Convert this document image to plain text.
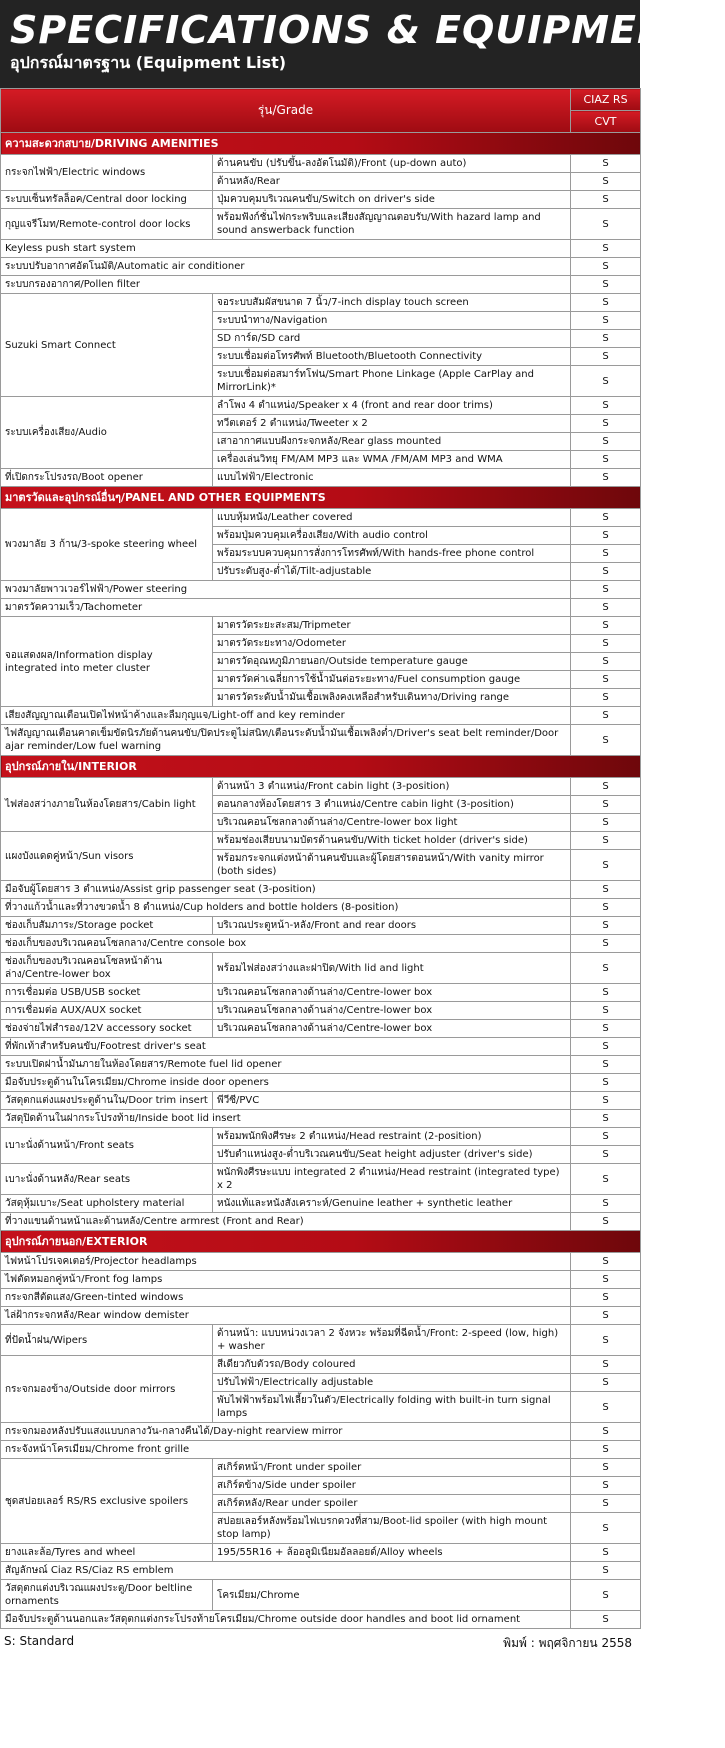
SPECIFICATIONS & EQUIPMENTS
อุปกรณ์มาตรฐาน (Equipment List)
รุ่น/Grade		CIAZ RS
		CVT
ความสะดวกสบาย/DRIVING AMENITIES		
กระจกไฟฟ้า/Electric windows	ด้านคนขับ (ปรับขึ้น-ลงอัตโนมัติ)/Front (up-down auto)	S
	ด้านหลัง/Rear	S
ระบบเซ็นทรัลล็อค/Central door locking	ปุ่มควบคุมบริเวณคนขับ/Switch on driver's side	S
กุญแจรีโมท/Remote-control door locks	พร้อมฟังก์ชั่นไฟกระพริบและเสียงสัญญาณตอบรับ/With hazard lamp and sound answerback function	S
Keyless push start system		S
ระบบปรับอากาศอัตโนมัติ/Automatic air conditioner		S
ระบบกรองอากาศ/Pollen filter		S
Suzuki Smart Connect	จอระบบสัมผัสขนาด 7 นิ้ว/7-inch display touch screen	S
	ระบบนำทาง/Navigation	S
	SD การ์ด/SD card	S
	ระบบเชื่อมต่อโทรศัพท์ Bluetooth/Bluetooth Connectivity	S
	ระบบเชื่อมต่อสมาร์ทโฟน/Smart Phone Linkage (Apple CarPlay and MirrorLink)*	S
ระบบเครื่องเสียง/Audio	ลำโพง 4 ตำแหน่ง/Speaker x 4 (front and rear door trims)	S
	ทวีตเตอร์ 2 ตำแหน่ง/Tweeter x 2	S
	เสาอากาศแบบฝังกระจกหลัง/Rear glass mounted	S
	เครื่องเล่นวิทยุ FM/AM MP3 และ WMA /FM/AM MP3 and WMA	S
ที่เปิดกระโปรงรถ/Boot opener	แบบไฟฟ้า/Electronic	S
มาตรวัดและอุปกรณ์อื่นๆ/PANEL AND OTHER EQUIPMENTS		
พวงมาลัย 3 ก้าน/3-spoke steering wheel	แบบหุ้มหนัง/Leather covered	S
	พร้อมปุ่มควบคุมเครื่องเสียง/With audio control	S
	พร้อมระบบควบคุมการสั่งการโทรศัพท์/With hands-free phone control	S
	ปรับระดับสูง-ต่ำได้/Tilt-adjustable	S
พวงมาลัยพาวเวอร์ไฟฟ้า/Power steering		S
มาตรวัดความเร็ว/Tachometer		S
จอแสดงผล/Information display integrated into meter cluster	มาตรวัดระยะสะสม/Tripmeter	S
	มาตรวัดระยะทาง/Odometer	S
	มาตรวัดอุณหภูมิภายนอก/Outside temperature gauge	S
	มาตรวัดค่าเฉลี่ยการใช้น้ำมันต่อระยะทาง/Fuel consumption gauge	S
	มาตรวัดระดับน้ำมันเชื้อเพลิงคงเหลือสำหรับเดินทาง/Driving range	S
เสียงสัญญาณเตือนเปิดไฟหน้าค้างและลืมกุญแจ/Light-off and key reminder		S
ไฟสัญญาณเตือนคาดเข็มขัดนิรภัยด้านคนขับ/ปิดประตูไม่สนิท/เตือนระดับน้ำมันเชื้อเพลิงต่ำ/Driver's seat belt reminder/Door ajar reminder/Low fuel warning		S
อุปกรณ์ภายใน/INTERIOR		
ไฟส่องสว่างภายในห้องโดยสาร/Cabin light	ด้านหน้า 3 ตำแหน่ง/Front cabin light (3-position)	S
	ตอนกลางห้องโดยสาร 3 ตำแหน่ง/Centre cabin light (3-position)	S
	บริเวณคอนโซลกลางด้านล่าง/Centre-lower box light	S
แผงบังแดดคู่หน้า/Sun visors	พร้อมช่องเสียบนามบัตรด้านคนขับ/With ticket holder (driver's side)	S
	พร้อมกระจกแต่งหน้าด้านคนขับและผู้โดยสารตอนหน้า/With vanity mirror (both sides)	S
มือจับผู้โดยสาร 3 ตำแหน่ง/Assist grip passenger seat (3-position)		S
ที่วางแก้วน้ำและที่วางขวดน้ำ 8 ตำแหน่ง/Cup holders and bottle holders (8-position)		S
ช่องเก็บสัมภาระ/Storage pocket	บริเวณประตูหน้า-หลัง/Front and rear doors	S
ช่องเก็บของบริเวณคอนโซลกลาง/Centre console box		S
ช่องเก็บของบริเวณคอนโซลหน้าด้านล่าง/Centre-lower box	พร้อมไฟส่องสว่างและฝาปิด/With lid and light	S
การเชื่อมต่อ USB/USB socket	บริเวณคอนโซลกลางด้านล่าง/Centre-lower box	S
การเชื่อมต่อ AUX/AUX socket	บริเวณคอนโซลกลางด้านล่าง/Centre-lower box	S
ช่องจ่ายไฟสำรอง/12V accessory socket	บริเวณคอนโซลกลางด้านล่าง/Centre-lower box	S
ที่พักเท้าสำหรับคนขับ/Footrest driver's seat		S
ระบบเปิดฝาน้ำมันภายในห้องโดยสาร/Remote fuel lid opener		S
มือจับประตูด้านในโครเมียม/Chrome inside door openers		S
วัสดุตกแต่งแผงประตูด้านใน/Door trim insert	พีวีซี/PVC	S
วัสดุปิดด้านในฝากระโปรงท้าย/Inside boot lid insert		S
เบาะนั่งด้านหน้า/Front seats	พร้อมพนักพิงศีรษะ 2 ตำแหน่ง/Head restraint (2-position)	S
	ปรับตำแหน่งสูง-ต่ำบริเวณคนขับ/Seat height adjuster (driver's side)	S
เบาะนั่งด้านหลัง/Rear seats	พนักพิงศีรษะแบบ integrated 2 ตำแหน่ง/Head restraint (integrated type) x 2	S
วัสดุหุ้มเบาะ/Seat upholstery material	หนังแท้และหนังสังเคราะห์/Genuine leather + synthetic leather	S
ที่วางแขนด้านหน้าและด้านหลัง/Centre armrest (Front and Rear)		S
อุปกรณ์ภายนอก/EXTERIOR		
ไฟหน้าโปรเจคเตอร์/Projector headlamps		S
ไฟตัดหมอกคู่หน้า/Front fog lamps		S
กระจกสีตัดแสง/Green-tinted windows		S
ไล่ฝ้ากระจกหลัง/Rear window demister		S
ที่ปัดน้ำฝน/Wipers	ด้านหน้า: แบบหน่วงเวลา 2 จังหวะ พร้อมที่ฉีดน้ำ/Front: 2-speed (low, high) + washer	S
กระจกมองข้าง/Outside door mirrors	สีเดียวกับตัวรถ/Body coloured	S
	ปรับไฟฟ้า/Electrically adjustable	S
	พับไฟฟ้าพร้อมไฟเลี้ยวในตัว/Electrically folding with built-in turn signal lamps	S
กระจกมองหลังปรับแสงแบบกลางวัน-กลางคืนได้/Day-night rearview mirror		S
กระจังหน้าโครเมียม/Chrome front grille		S
ชุดสปอยเลอร์ RS/RS exclusive spoilers	สเกิร์ตหน้า/Front under spoiler	S
	สเกิร์ตข้าง/Side under spoiler	S
	สเกิร์ตหลัง/Rear under spoiler	S
	สปอยเลอร์หลังพร้อมไฟเบรกดวงที่สาม/Boot-lid spoiler (with high mount stop lamp)	S
ยางและล้อ/Tyres and wheel	195/55R16 + ล้ออลูมิเนียมอัลลอยด์/Alloy wheels	S
สัญลักษณ์ Ciaz RS/Ciaz RS emblem		S
วัสดุตกแต่งบริเวณแผงประตู/Door beltline ornaments	โครเมียม/Chrome	S
มือจับประตูด้านนอกและวัสดุตกแต่งกระโปรงท้ายโครเมียม/Chrome outside door handles and boot lid ornament		S
S: Standard	พิมพ์ : พฤศจิกายน 2558
